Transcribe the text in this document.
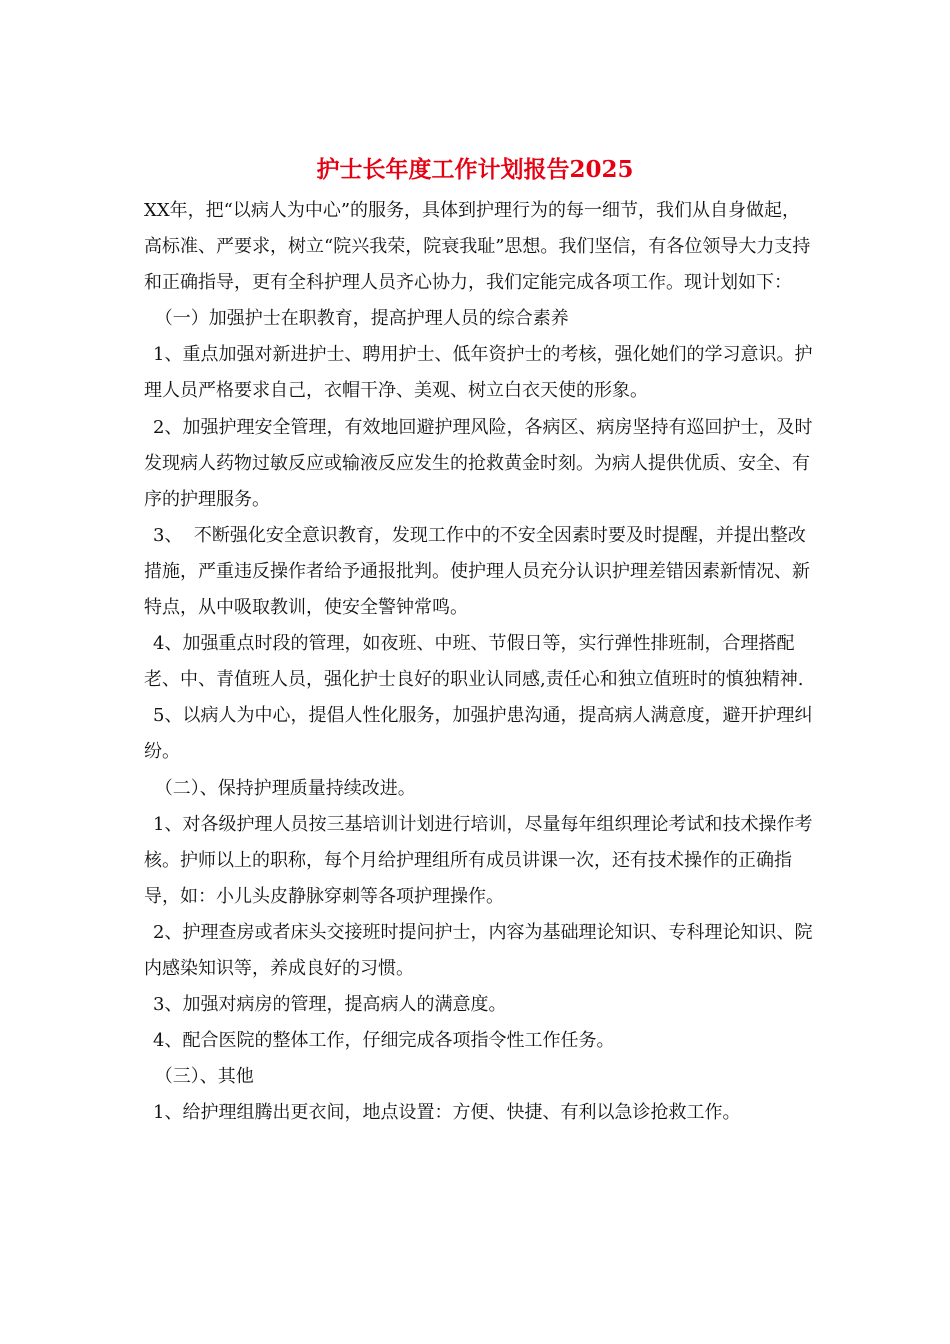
护士长年度工作计划报告2025

XX年，把“以病人为中心”的服务，具体到护理行为的每一细节，我们从自身做起，高标准、严要求，树立“院兴我荣，院衰我耻”思想。我们坚信，有各位领导大力支持和正确指导，更有全科护理人员齐心协力，我们定能完成各项工作。现计划如下：

（一）加强护士在职教育，提高护理人员的综合素养

1、重点加强对新进护士、聘用护士、低年资护士的考核，强化她们的学习意识。护理人员严格要求自己，衣帽干净、美观、树立白衣天使的形象。

2、加强护理安全管理，有效地回避护理风险，各病区、病房坚持有巡回护士，及时发现病人药物过敏反应或输液反应发生的抢救黄金时刻。为病人提供优质、安全、有序的护理服务。

3、  不断强化安全意识教育，发现工作中的不安全因素时要及时提醒，并提出整改措施，严重违反操作者给予通报批判。使护理人员充分认识护理差错因素新情况、新特点，从中吸取教训，使安全警钟常鸣。

4、加强重点时段的管理，如夜班、中班、节假日等，实行弹性排班制，合理搭配老、中、青值班人员，强化护士良好的职业认同感,责任心和独立值班时的慎独精神.

5、以病人为中心，提倡人性化服务，加强护患沟通，提高病人满意度，避开护理纠纷。

（二）、保持护理质量持续改进。

1、对各级护理人员按三基培训计划进行培训，尽量每年组织理论考试和技术操作考核。护师以上的职称，每个月给护理组所有成员讲课一次，还有技术操作的正确指导，如：小儿头皮静脉穿刺等各项护理操作。

2、护理查房或者床头交接班时提问护士，内容为基础理论知识、专科理论知识、院内感染知识等，养成良好的习惯。

3、加强对病房的管理，提高病人的满意度。

4、配合医院的整体工作，仔细完成各项指令性工作任务。

（三）、其他

1、给护理组腾出更衣间，地点设置：方便、快捷、有利以急诊抢救工作。
